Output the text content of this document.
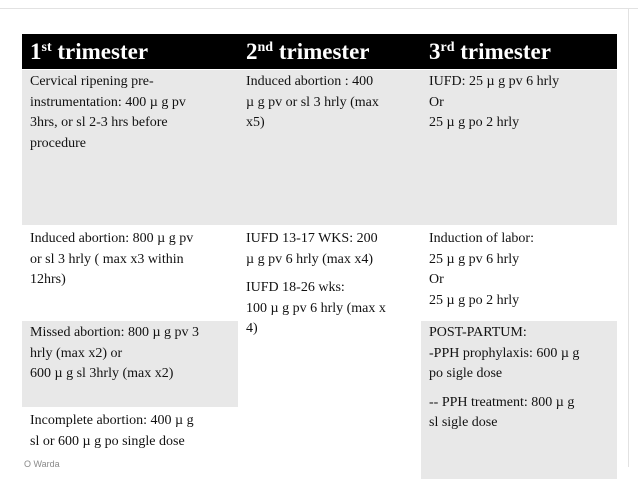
1st trimester	2nd trimester	3rd trimester
Cervical ripening pre-
instrumentation: 400 µ g pv
3hrs, or sl 2-3 hrs before
procedure
Induced abortion: 800 µ g pv
or sl 3 hrly ( max x3 within
12hrs)
Missed abortion: 800 µ g pv 3
hrly (max x2) or
600 µ g sl 3hrly (max x2)
Incomplete abortion: 400 µ g
sl or 600 µ g po single dose
Induced abortion : 400
µ g pv or sl 3 hrly (max
x5)
IUFD 13-17 WKS: 200
µ g pv 6 hrly (max x4)
IUFD 18-26 wks:
100 µ g pv 6 hrly (max x
4)
IUFD: 25 µ g pv 6 hrly
Or
25 µ g po 2 hrly
Induction of labor:
25 µ g pv 6 hrly
Or
25 µ g po 2 hrly
POST-PARTUM:
-PPH prophylaxis: 600 µ g
po sigle dose
-- PPH treatment: 800 µ g
sl sigle dose
O Warda
